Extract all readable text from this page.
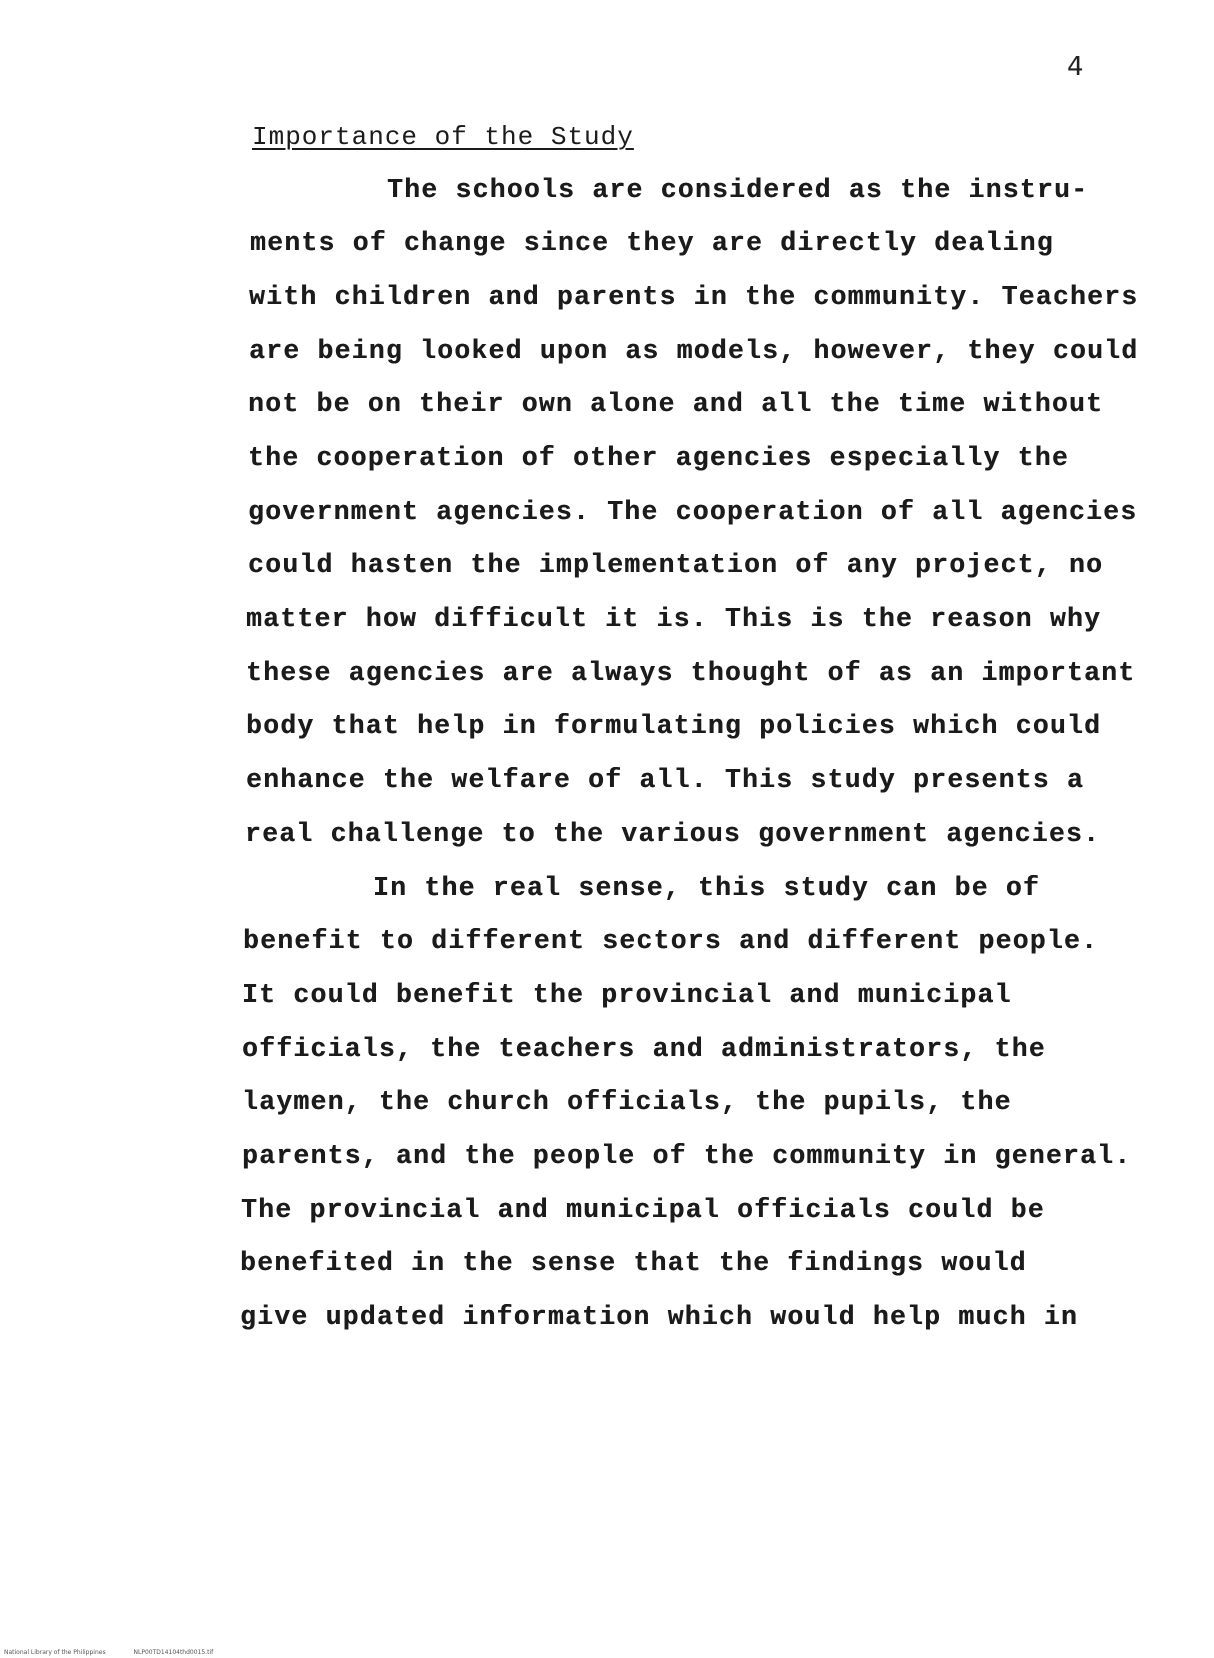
4
Importance of the Study
The schools are considered as the instru-
ments of change since they are directly dealing
with children and parents in the community. Teachers
are being looked upon as models, however, they could
not be on their own alone and all the time without
the cooperation of other agencies especially the
government agencies. The cooperation of all agencies
could hasten the implementation of any project, no
matter how difficult it is. This is the reason why
these agencies are always thought of as an important
body that help in formulating policies which could
enhance the welfare of all. This study presents a
real challenge to the various government agencies.
In the real sense, this study can be of
benefit to different sectors and different people.
It could benefit the provincial and municipal
officials, the teachers and administrators, the
laymen, the church officials, the pupils, the
parents, and the people of the community in general.
The provincial and municipal officials could be
benefited in the sense that the findings would
give updated information which would help much in
National Library of the Philippines	NLP00TD14104thd0015.tif
